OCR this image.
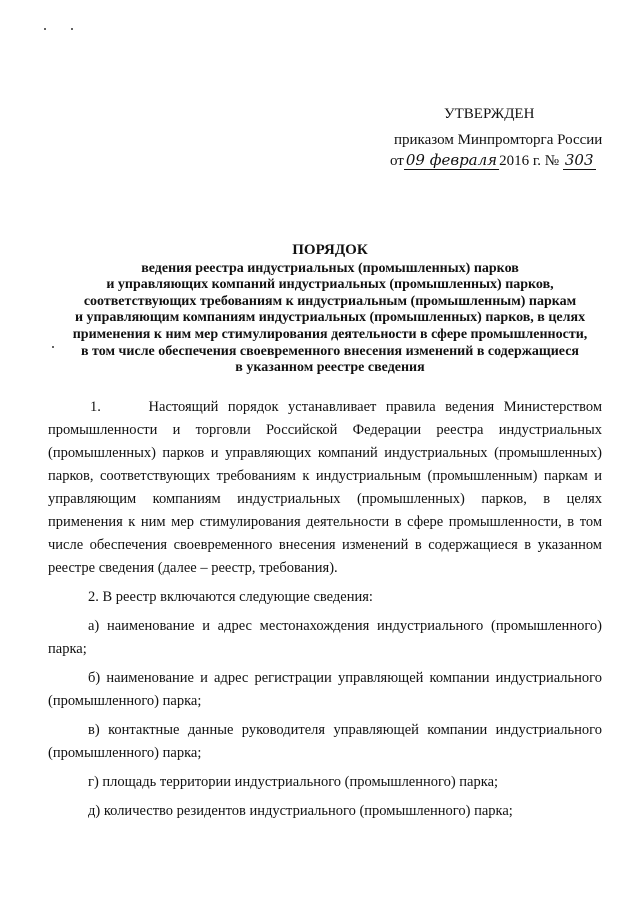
УТВЕРЖДЕН
приказом Минпромторга России
от 09 февраля 2016 г. № 303
ПОРЯДОК
ведения реестра индустриальных (промышленных) парков
и управляющих компаний индустриальных (промышленных) парков,
соответствующих требованиям к индустриальным (промышленным) паркам
и управляющим компаниям индустриальных (промышленных) парков, в целях
применения к ним мер стимулирования деятельности в сфере промышленности,
в том числе обеспечения своевременного внесения изменений в содержащиеся
в указанном реестре сведения

1.     Настоящий порядок устанавливает правила ведения Министерством промышленности и торговли Российской Федерации реестра индустриальных (промышленных) парков и управляющих компаний индустриальных (промышленных) парков, соответствующих требованиям к индустриальным (промышленным) паркам и управляющим компаниям индустриальных (промышленных) парков, в целях применения к ним мер стимулирования деятельности в сфере промышленности, в том числе обеспечения своевременного внесения изменений в содержащиеся в указанном реестре сведения (далее – реестр, требования).

2. В реестр включаются следующие сведения:

а) наименование и адрес местонахождения индустриального (промышленного) парка;

б) наименование и адрес регистрации управляющей компании индустриального (промышленного) парка;

в) контактные данные руководителя управляющей компании индустриального (промышленного) парка;

г) площадь территории индустриального (промышленного) парка;

д) количество резидентов индустриального (промышленного) парка;
